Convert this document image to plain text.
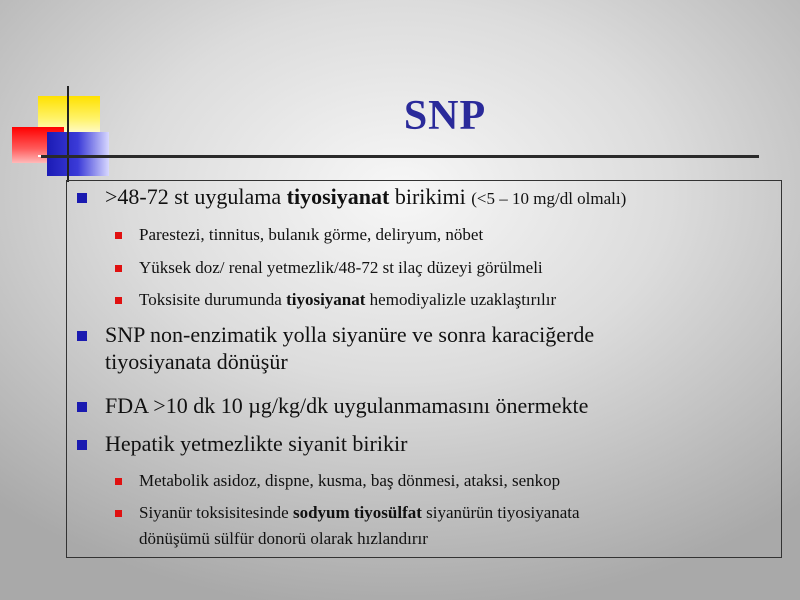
SNP
>48-72 st uygulama tiyosiyanat birikimi (<5 – 10 mg/dl olmalı)
Parestezi, tinnitus, bulanık görme, deliryum, nöbet
Yüksek doz/ renal yetmezlik/48-72 st ilaç düzeyi görülmeli
Toksisite durumunda tiyosiyanat hemodiyalizle uzaklaştırılır
SNP non-enzimatik yolla siyanüre ve sonra karaciğerde
tiyosiyanata dönüşür
FDA >10 dk 10 µg/kg/dk uygulanmamasını önermekte
Hepatik yetmezlikte siyanit birikir
Metabolik asidoz, dispne, kusma, baş dönmesi, ataksi, senkop
Siyanür toksisitesinde sodyum tiyosülfat siyanürün tiyosiyanata
dönüşümü sülfür donorü olarak hızlandırır
